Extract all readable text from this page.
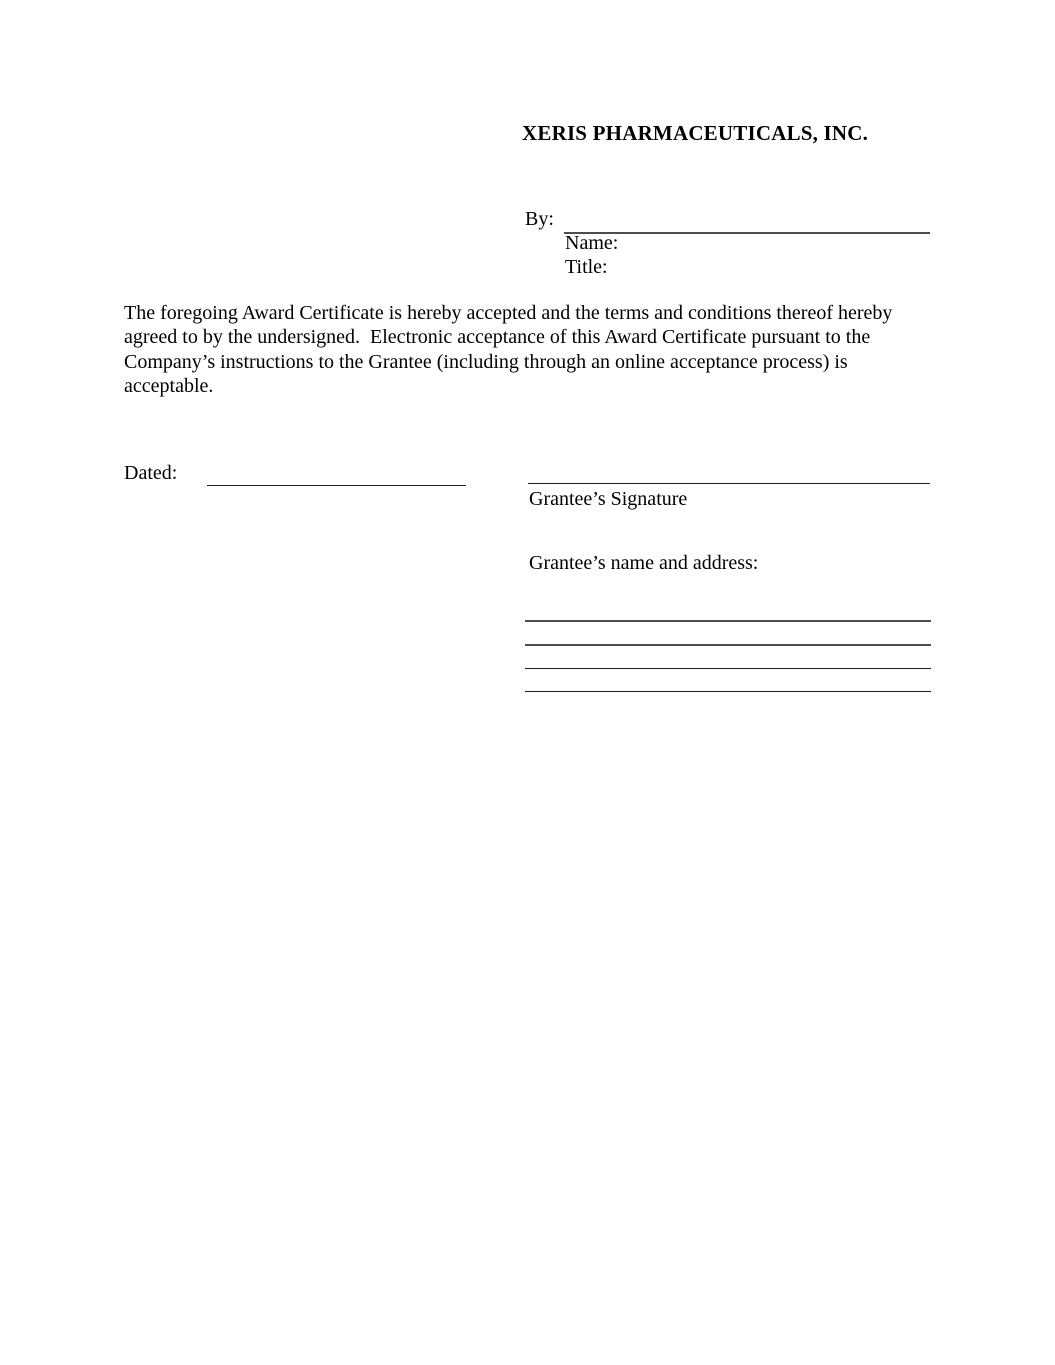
XERIS PHARMACEUTICALS, INC.
By:
Name:
Title:
The foregoing Award Certificate is hereby accepted and the terms and conditions thereof hereby agreed to by the undersigned.  Electronic acceptance of this Award Certificate pursuant to the Company’s instructions to the Grantee (including through an online acceptance process) is acceptable.
Dated:
Grantee’s Signature
Grantee’s name and address:
